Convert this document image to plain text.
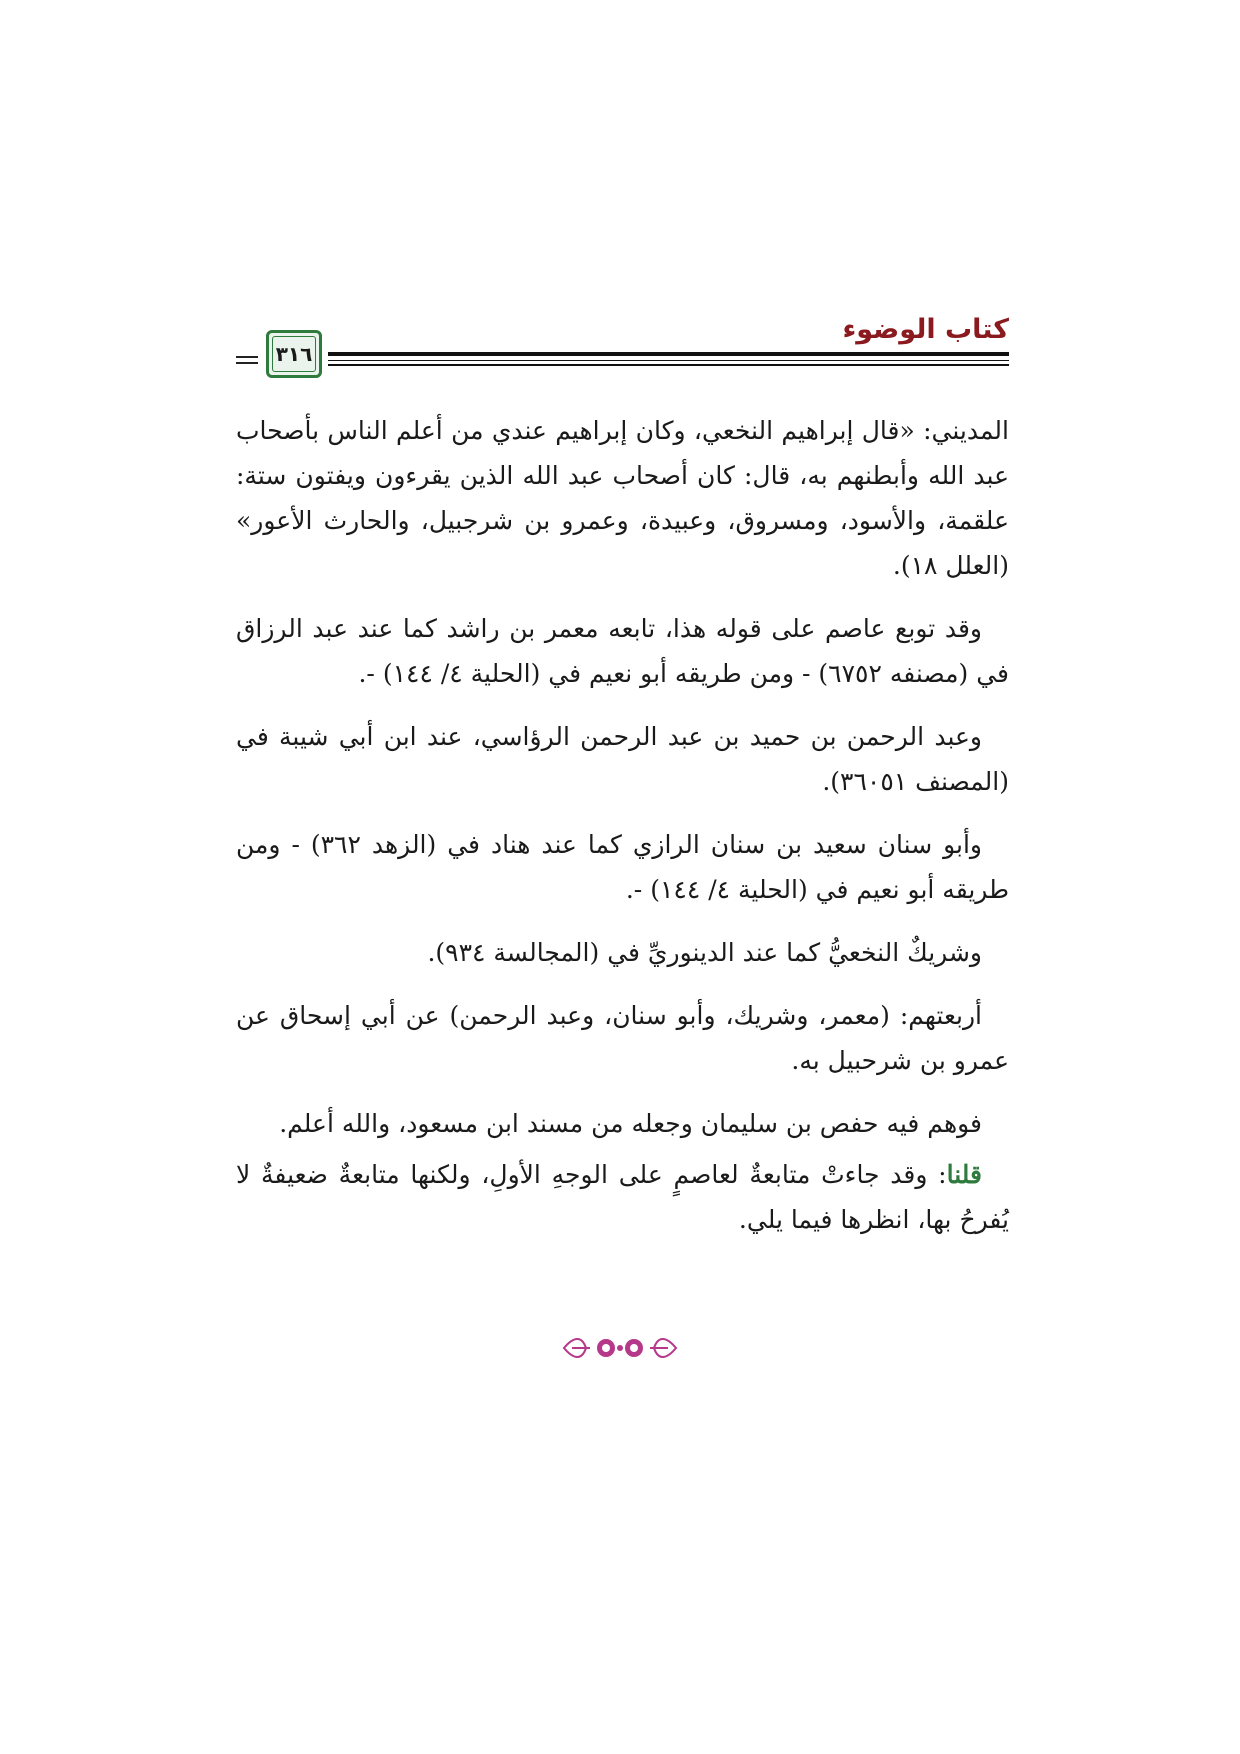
كتاب الوضوء
٣١٦

المديني: «قال إبراهيم النخعي، وكان إبراهيم عندي من أعلم الناس بأصحاب عبد الله وأبطنهم به، قال: كان أصحاب عبد الله الذين يقرءون ويفتون ستة: علقمة، والأسود، ومسروق، وعبيدة، وعمرو بن شرجبيل، والحارث الأعور» (العلل ١٨).

وقد توبع عاصم على قوله هذا، تابعه معمر بن راشد كما عند عبد الرزاق في (مصنفه ٦٧٥٢) - ومن طريقه أبو نعيم في (الحلية ٤/ ١٤٤) -.

وعبد الرحمن بن حميد بن عبد الرحمن الرؤاسي، عند ابن أبي شيبة في (المصنف ٣٦٠٥١).

وأبو سنان سعيد بن سنان الرازي كما عند هناد في (الزهد ٣٦٢) - ومن طريقه أبو نعيم في (الحلية ٤/ ١٤٤) -.

وشريكٌ النخعيُّ كما عند الدينوريِّ في (المجالسة ٩٣٤).

أربعتهم: (معمر، وشريك، وأبو سنان، وعبد الرحمن) عن أبي إسحاق عن عمرو بن شرحبيل به.

فوهم فيه حفص بن سليمان وجعله من مسند ابن مسعود، والله أعلم.

قلنا: وقد جاءتْ متابعةٌ لعاصمٍ على الوجهِ الأولِ، ولكنها متابعةٌ ضعيفةٌ لا يُفرحُ بها، انظرها فيما يلي.
